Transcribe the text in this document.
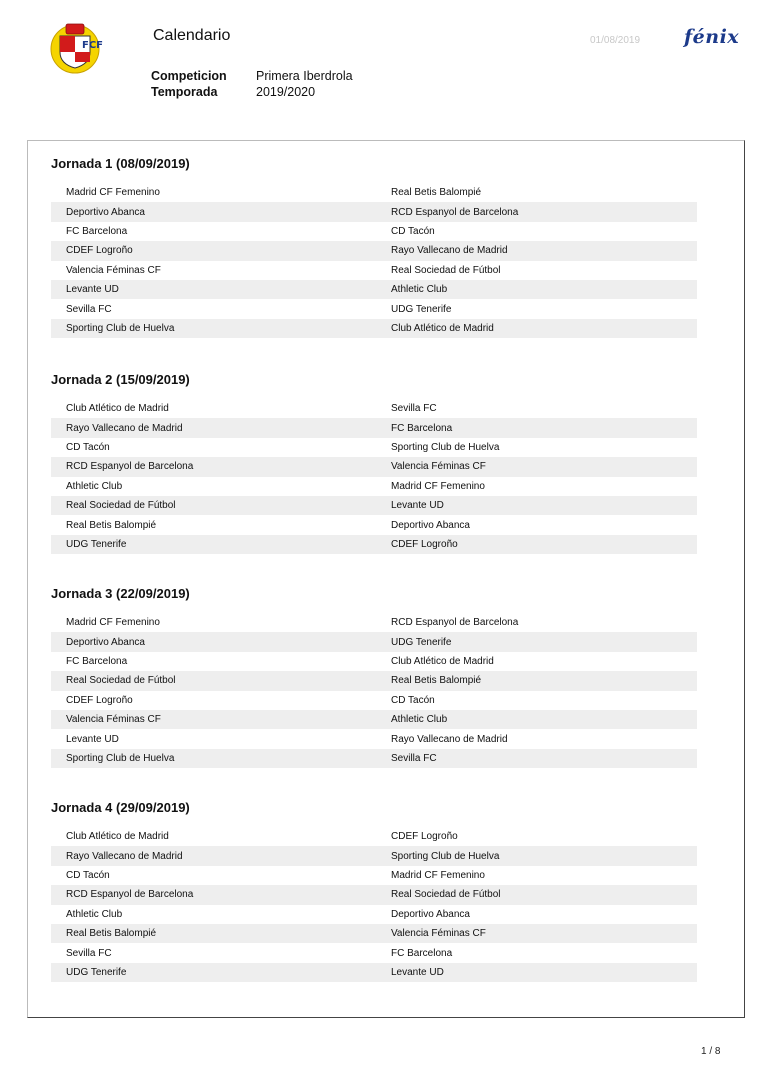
FCF
Calendario	01/08/2019 fénix
Competicion	Primera Iberdrola
Temporada	2019/2020
Jornada 1 (08/09/2019)
Madrid CF Femenino	Real Betis Balompié
Deportivo Abanca	RCD Espanyol de Barcelona
FC Barcelona	CD Tacón
CDEF Logroño	Rayo Vallecano de Madrid
Valencia Féminas CF	Real Sociedad de Fútbol
Levante UD	Athletic Club
Sevilla FC	UDG Tenerife
Sporting Club de Huelva	Club Atlético de Madrid
Jornada 2 (15/09/2019)
Club Atlético de Madrid	Sevilla FC
Rayo Vallecano de Madrid	FC Barcelona
CD Tacón	Sporting Club de Huelva
RCD Espanyol de Barcelona	Valencia Féminas CF
Athletic Club	Madrid CF Femenino
Real Sociedad de Fútbol	Levante UD
Real Betis Balompié	Deportivo Abanca
UDG Tenerife	CDEF Logroño
Jornada 3 (22/09/2019)
Madrid CF Femenino	RCD Espanyol de Barcelona
Deportivo Abanca	UDG Tenerife
FC Barcelona	Club Atlético de Madrid
Real Sociedad de Fútbol	Real Betis Balompié
CDEF Logroño	CD Tacón
Valencia Féminas CF	Athletic Club
Levante UD	Rayo Vallecano de Madrid
Sporting Club de Huelva	Sevilla FC
Jornada 4 (29/09/2019)
Club Atlético de Madrid	CDEF Logroño
Rayo Vallecano de Madrid	Sporting Club de Huelva
CD Tacón	Madrid CF Femenino
RCD Espanyol de Barcelona	Real Sociedad de Fútbol
Athletic Club	Deportivo Abanca
Real Betis Balompié	Valencia Féminas CF
Sevilla FC	FC Barcelona
UDG Tenerife	Levante UD
1 / 8
